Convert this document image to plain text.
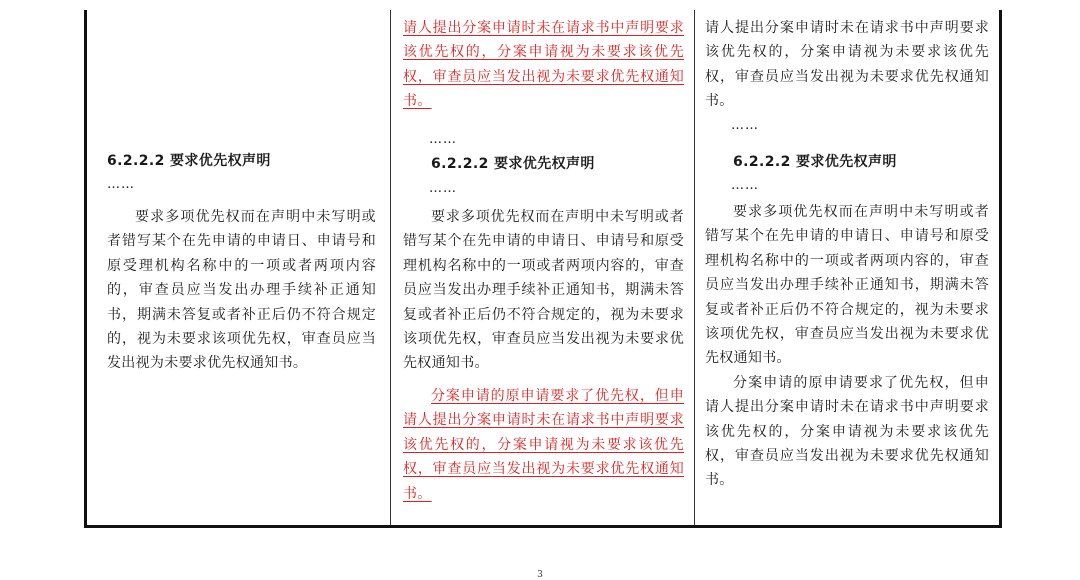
6.2.2.2 要求优先权声明

……

要求多项优先权而在声明中未写明或者错写某个在先申请的申请日、申请号和原受理机构名称中的一项或者两项内容的，审查员应当发出办理手续补正通知书，期满未答复或者补正后仍不符合规定的，视为未要求该项优先权，审查员应当发出视为未要求优先权通知书。

请人提出分案申请时未在请求书中声明要求该优先权的，分案申请视为未要求该优先权，审查员应当发出视为未要求优先权通知书。

……

6.2.2.2 要求优先权声明

……

要求多项优先权而在声明中未写明或者错写某个在先申请的申请日、申请号和原受理机构名称中的一项或者两项内容的，审查员应当发出办理手续补正通知书，期满未答复或者补正后仍不符合规定的，视为未要求该项优先权，审查员应当发出视为未要求优先权通知书。

分案申请的原申请要求了优先权，但申请人提出分案申请时未在请求书中声明要求该优先权的，分案申请视为未要求该优先权，审查员应当发出视为未要求优先权通知书。

请人提出分案申请时未在请求书中声明要求该优先权的，分案申请视为未要求该优先权，审查员应当发出视为未要求优先权通知书。

……

6.2.2.2 要求优先权声明

……

要求多项优先权而在声明中未写明或者错写某个在先申请的申请日、申请号和原受理机构名称中的一项或者两项内容的，审查员应当发出办理手续补正通知书，期满未答复或者补正后仍不符合规定的，视为未要求该项优先权，审查员应当发出视为未要求优先权通知书。

分案申请的原申请要求了优先权，但申请人提出分案申请时未在请求书中声明要求该优先权的，分案申请视为未要求该优先权，审查员应当发出视为未要求优先权通知书。

3
